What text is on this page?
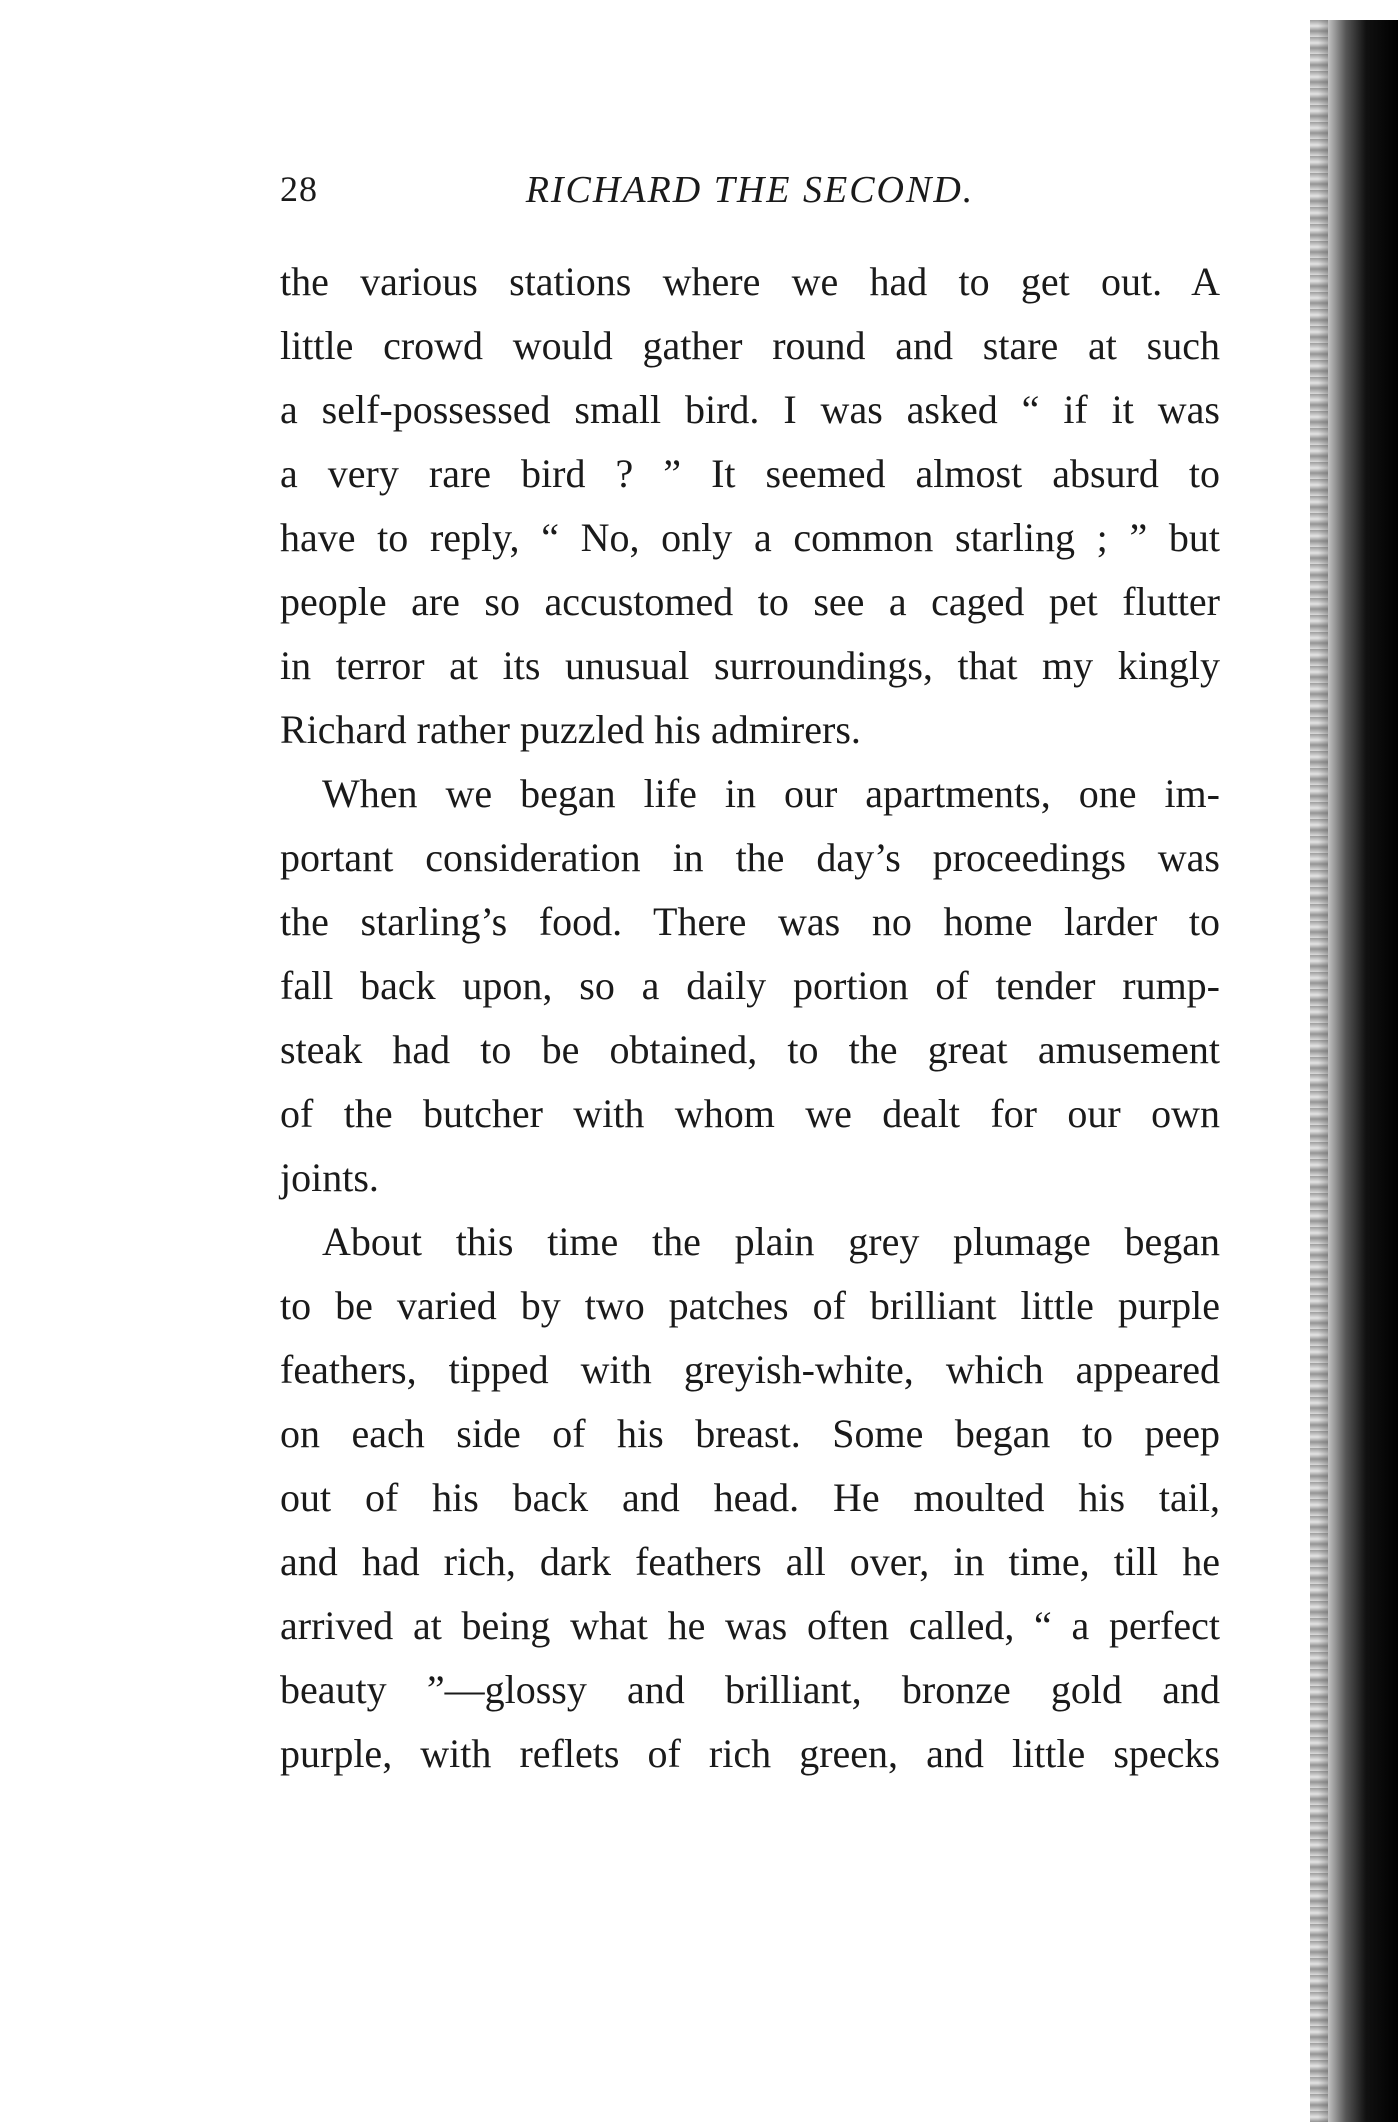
28	RICHARD THE SECOND.
the various stations where we had to get out. A
little crowd would gather round and stare at such
a self-possessed small bird. I was asked “ if it was
a very rare bird ? ” It seemed almost absurd to
have to reply, “ No, only a common starling ; ” but
people are so accustomed to see a caged pet flutter
in terror at its unusual surroundings, that my kingly
Richard rather puzzled his admirers.
When we began life in our apartments, one im-
portant consideration in the day’s proceedings was
the starling’s food. There was no home larder to
fall back upon, so a daily portion of tender rump-
steak had to be obtained, to the great amusement
of the butcher with whom we dealt for our own
joints.
About this time the plain grey plumage began
to be varied by two patches of brilliant little purple
feathers, tipped with greyish-white, which appeared
on each side of his breast. Some began to peep
out of his back and head. He moulted his tail,
and had rich, dark feathers all over, in time, till he
arrived at being what he was often called, “ a perfect
beauty ”—glossy and brilliant, bronze gold and
purple, with reflets of rich green, and little specks
